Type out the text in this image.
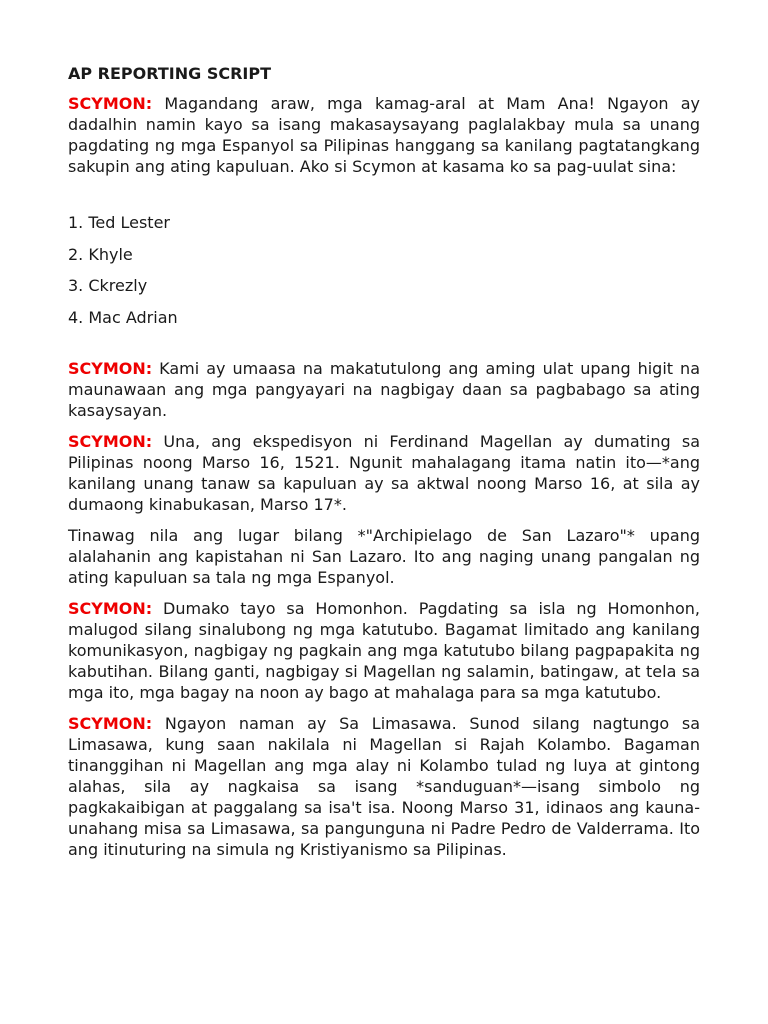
AP REPORTING SCRIPT

SCYMON: Magandang araw, mga kamag-aral at Mam Ana! Ngayon ay dadalhin namin kayo sa isang makasaysayang paglalakbay mula sa unang pagdating ng mga Espanyol sa Pilipinas hanggang sa kanilang pagtatangkang sakupin ang ating kapuluan. Ako si Scymon at kasama ko sa pag-uulat sina:

1. Ted Lester
2. Khyle
3. Ckrezly
4. Mac Adrian

SCYMON: Kami ay umaasa na makatutulong ang aming ulat upang higit na maunawaan ang mga pangyayari na nagbigay daan sa pagbabago sa ating kasaysayan.

SCYMON: Una, ang ekspedisyon ni Ferdinand Magellan ay dumating sa Pilipinas noong Marso 16, 1521. Ngunit mahalagang itama natin ito—*ang kanilang unang tanaw sa kapuluan ay sa aktwal noong Marso 16, at sila ay dumaong kinabukasan, Marso 17*.

Tinawag nila ang lugar bilang *"Archipielago de San Lazaro"* upang alalahanin ang kapistahan ni San Lazaro. Ito ang naging unang pangalan ng ating kapuluan sa tala ng mga Espanyol.

SCYMON: Dumako tayo sa Homonhon. Pagdating sa isla ng Homonhon, malugod silang sinalubong ng mga katutubo. Bagamat limitado ang kanilang komunikasyon, nagbigay ng pagkain ang mga katutubo bilang pagpapakita ng kabutihan. Bilang ganti, nagbigay si Magellan ng salamin, batingaw, at tela sa mga ito, mga bagay na noon ay bago at mahalaga para sa mga katutubo.

SCYMON: Ngayon naman ay Sa Limasawa. Sunod silang nagtungo sa Limasawa, kung saan nakilala ni Magellan si Rajah Kolambo. Bagaman tinanggihan ni Magellan ang mga alay ni Kolambo tulad ng luya at gintong alahas, sila ay nagkaisa sa isang *sanduguan*—isang simbolo ng pagkakaibigan at paggalang sa isa't isa. Noong Marso 31, idinaos ang kauna-unahang misa sa Limasawa, sa pangunguna ni Padre Pedro de Valderrama. Ito ang itinuturing na simula ng Kristiyanismo sa Pilipinas.
